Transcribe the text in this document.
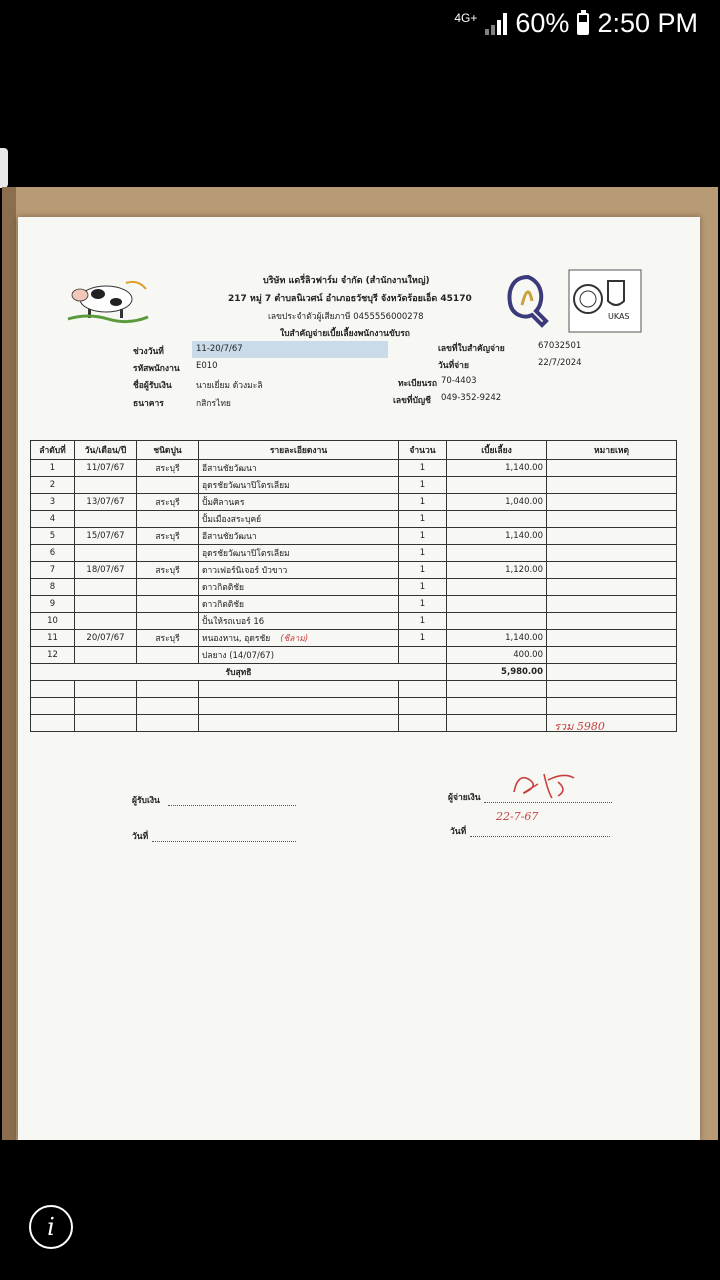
4G+ 60% 2:50 PM
บริษัท แดรี่ลิวฟาร์ม จำกัด (สำนักงานใหญ่)
217 หมู่ 7 ตำบลนิเวศน์ อำเภอธวัชบุรี จังหวัดร้อยเอ็ด 45170
เลขประจำตัวผู้เสียภาษี 0455556000278
ใบสำคัญจ่ายเบี้ยเลี้ยงพนักงานขับรถ
UKAS
ช่วงวันที่	11-20/7/67
รหัสพนักงาน E010
ชื่อผู้รับเงิน	นายเยี่ยม ด้วงมะลิ
ธนาคาร	กสิกรไทย
เลขที่ใบสำคัญจ่าย	67032501
วันที่จ่าย	22/7/2024
ทะเบียนรถ 70-4403
เลขที่บัญชี 049-352-9242
ลำดับที่	วัน/เดือน/ปี	ชนิดปูน	รายละเอียดงาน	จำนวน	เบี้ยเลี้ยง	หมายเหตุ
1	11/07/67	สระบุรี	อีสานชัยวัฒนา	1	1,140.00	
2			อุดรชัยวัฒนาปิโตรเลียม	1		
3	13/07/67	สระบุรี	ปั้มศิลานคร	1	1,040.00	
4			ปั้มเมืองสระบุคย์	1		
5	15/07/67	สระบุรี	อีสานชัยวัฒนา	1	1,140.00	
6			อุดรชัยวัฒนาปิโตรเลียม	1		
7	18/07/67	สระบุรี	ดาวเฟอร์นิเจอร์ บัวขาว	1	1,120.00	
8			ดาวกิตติชัย	1		
9			ดาวกิตติชัย	1		
10			ปั้นให้รถเบอร์ 16	1		
11	20/07/67	สระบุรี	หนองหาน, อุดรชัย (ชีลาม)	1	1,140.00	
12			ปลยาง (14/07/67)		400.00	
รับสุทธิ					5,980.00	

รวม 5980
ผู้รับเงิน
วันที่
ผู้จ่ายเงิน
วันที่
22-7-67
i
